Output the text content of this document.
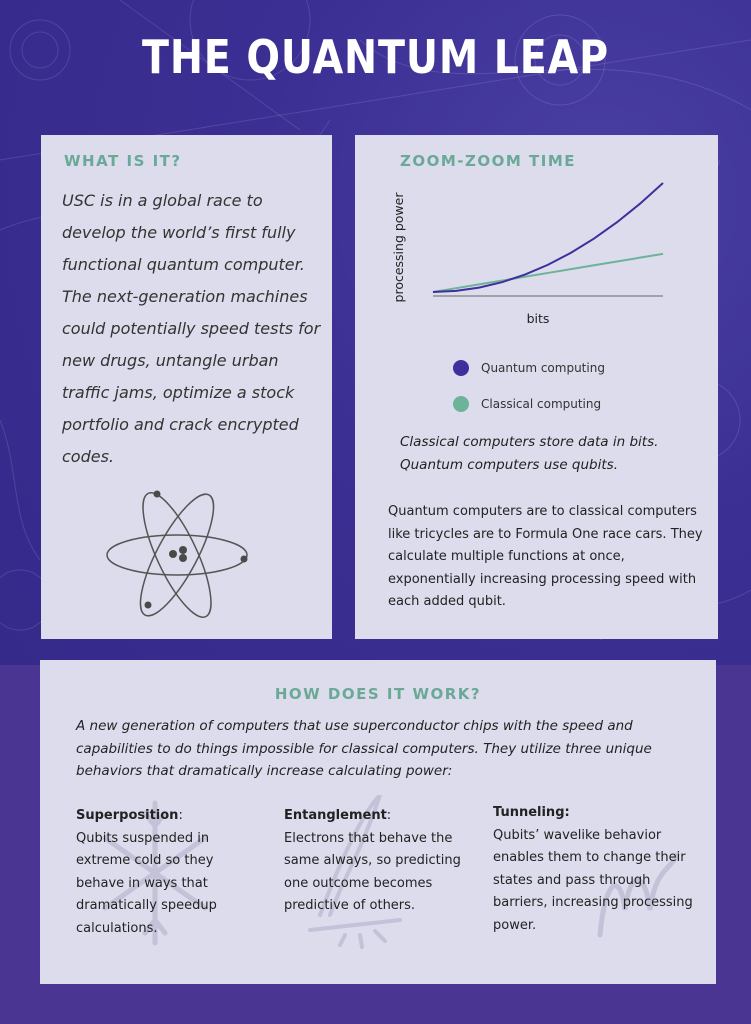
THE QUANTUM LEAP
WHAT IS IT?
USC is in a global race to develop the world’s first fully functional quantum computer. The next-generation machines could potentially speed tests for new drugs, untangle urban traffic jams, optimize a stock portfolio and crack encrypted codes.
ZOOM-ZOOM TIME
processing power
bits
Quantum computing
Classical computing
Classical computers store data in bits.
Quantum computers use qubits.
Quantum computers are to classical computers like tricycles are to Formula One race cars. They calculate multiple functions at once, exponentially increasing processing speed with each added qubit.
HOW DOES IT WORK?
A new generation of computers that use superconductor chips with the speed and capabilities to do things impossible for classical computers. They utilize three unique behaviors that dramatically increase calculating power:
Superposition:
Qubits suspended in extreme cold so they behave in ways that dramatically speedup calculations.
Entanglement:
Electrons that behave the same always, so predicting one outcome becomes predictive of others.
Tunneling:
Qubits’ wavelike behavior enables them to change their states and pass through barriers, increasing processing power.
